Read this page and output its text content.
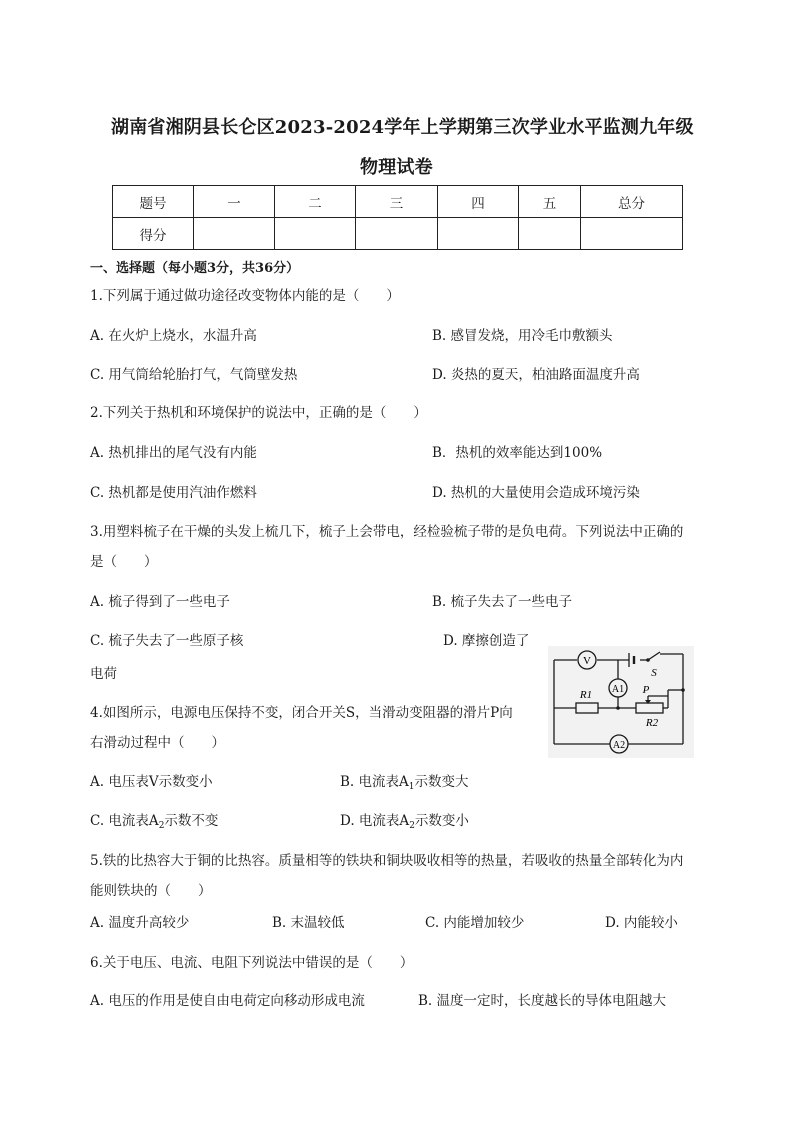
湖南省湘阴县长仑区2023-2024学年上学期第三次学业水平监测九年级
物理试卷
题号	一	二	三	四	五	总分
得分						
一、选择题（每小题3分，共36分）
1.下列属于通过做功途径改变物体内能的是（　　）
A. 在火炉上烧水，水温升高	B. 感冒发烧，用冷毛巾敷额头
C. 用气筒给轮胎打气，气筒壁发热	D. 炎热的夏天，柏油路面温度升高
2.下列关于热机和环境保护的说法中，正确的是（　　）
A. 热机排出的尾气没有内能	B．热机的效率能达到100%
C. 热机都是使用汽油作燃料	D. 热机的大量使用会造成环境污染
3.用塑料梳子在干燥的头发上梳几下，梳子上会带电，经检验梳子带的是负电荷。下列说法中正确的
是（　　）
A. 梳子得到了一些电子	B. 梳子失去了一些电子
C. 梳子失去了一些原子核	D. 摩擦创造了
电荷
V
S
A1
R1	P
R2
A2
4.如图所示，电源电压保持不变，闭合开关S，当滑动变阻器的滑片P向
右滑动过程中（　　）
A. 电压表V示数变小	B. 电流表$A_1$示数变大
C. 电流表$A_2$示数不变	D. 电流表$A_2$示数变小
5.铁的比热容大于铜的比热容。质量相等的铁块和铜块吸收相等的热量，若吸收的热量全部转化为内
能则铁块的（　　）
A. 温度升高较少	B. 末温较低	C. 内能增加较少	D. 内能较小
6.关于电压、电流、电阻下列说法中错误的是（　　）
A. 电压的作用是使自由电荷定向移动形成电流	B. 温度一定时，长度越长的导体电阻越大
